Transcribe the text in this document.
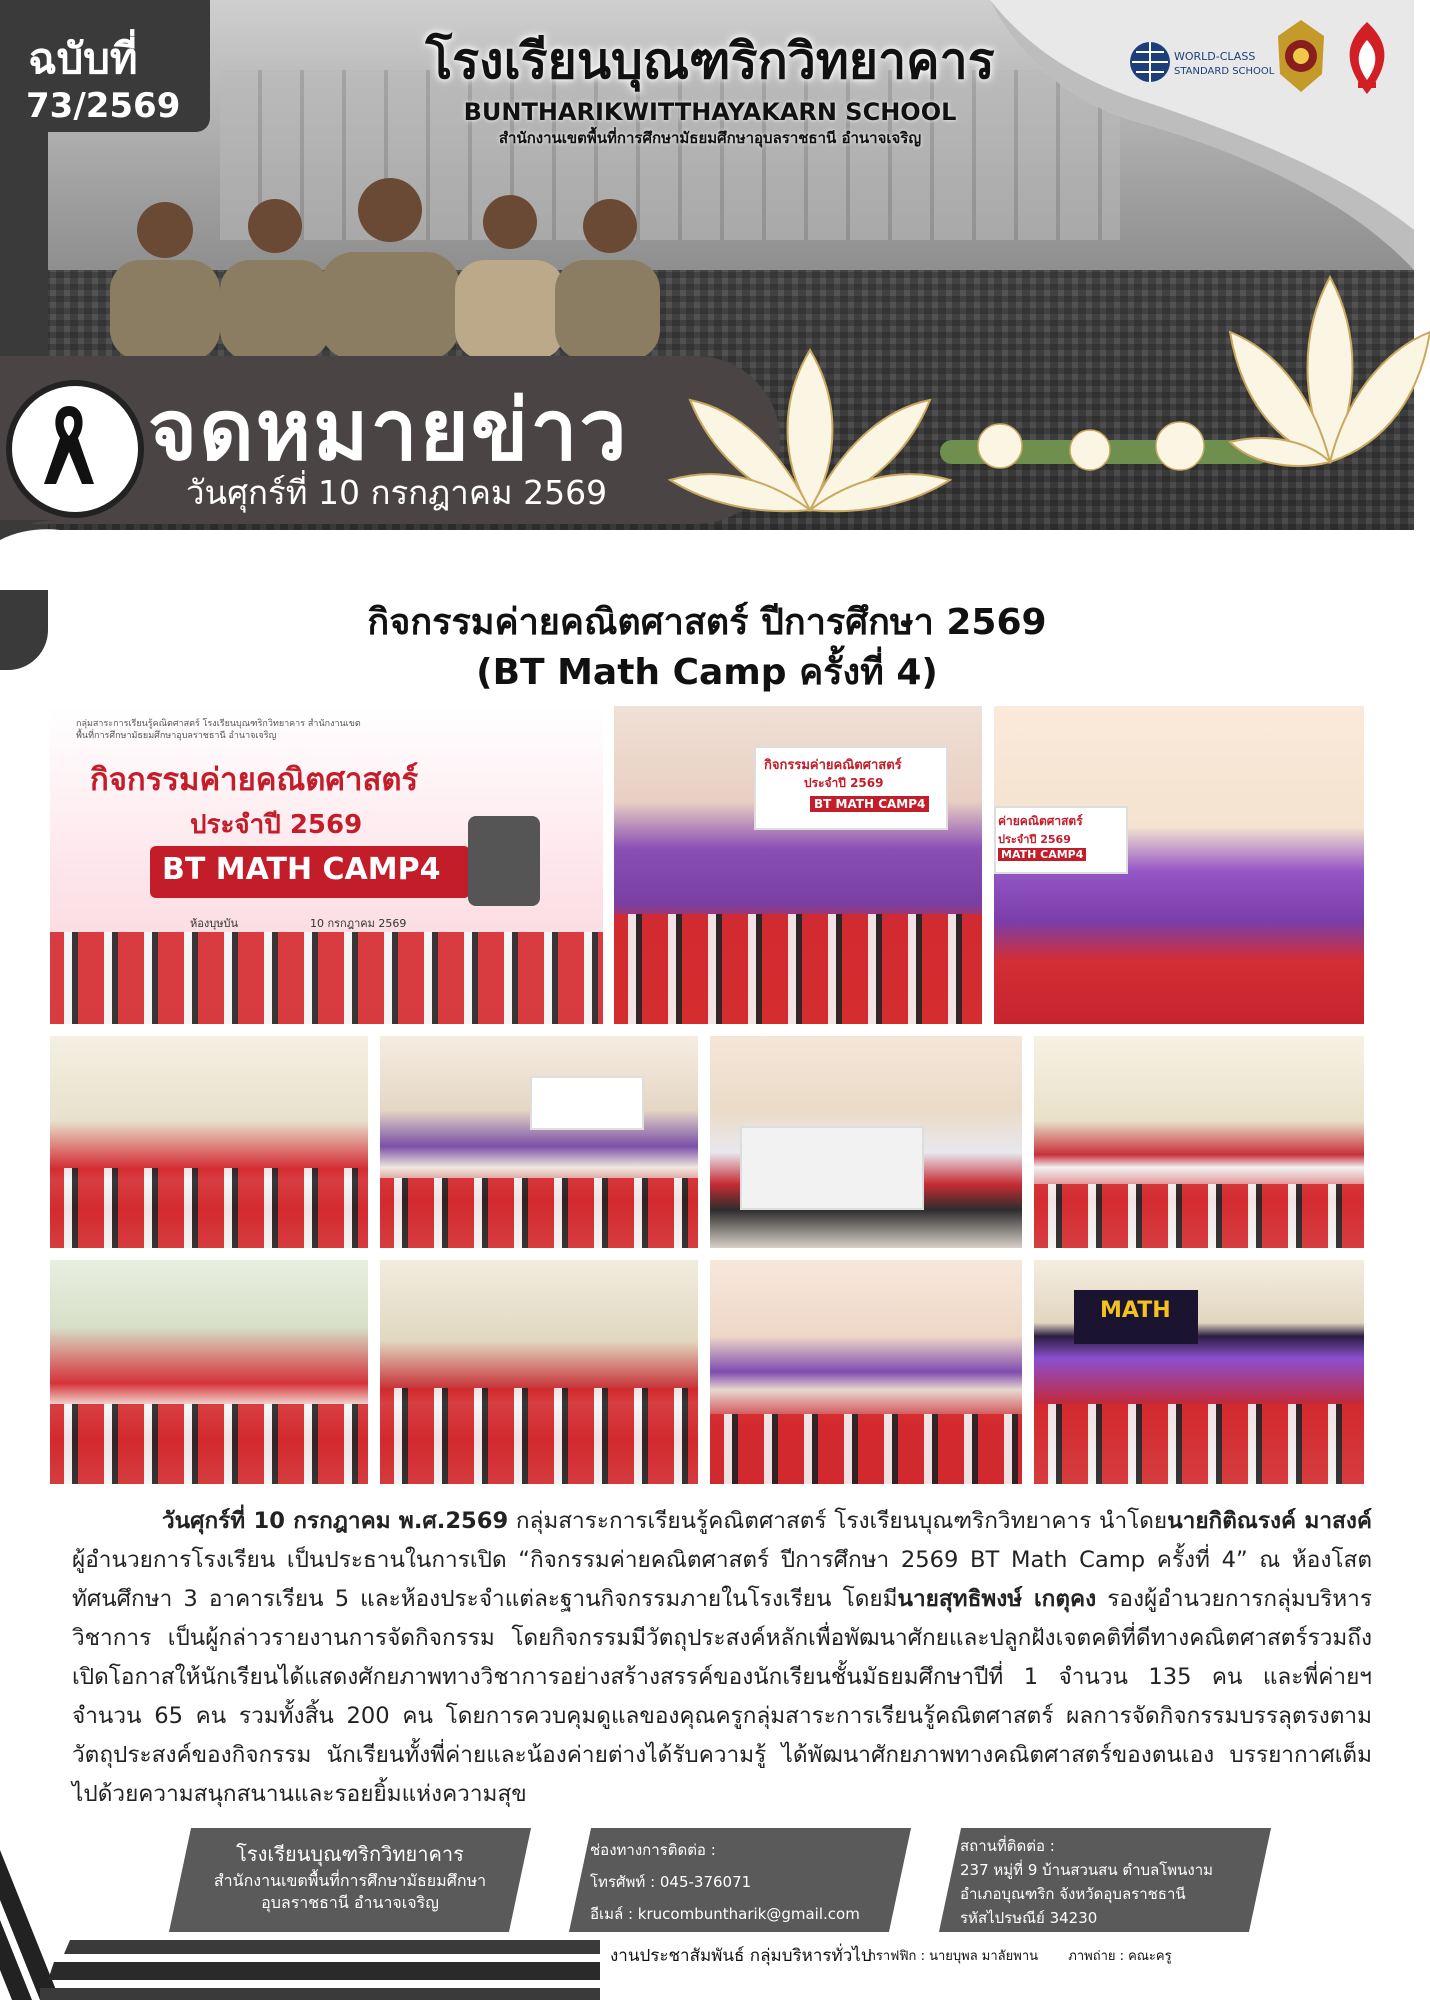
ฉบับที่
73/2569
โรงเรียนบุณฑริกวิทยาคาร
BUNTHARIKWITTHAYAKARN SCHOOL
สำนักงานเขตพื้นที่การศึกษามัธยมศึกษาอุบลราชธานี อำนาจเจริญ
WORLD-CLASS
STANDARD SCHOOL
จดหมายข่าว
วันศุกร์ที่ 10 กรกฎาคม 2569
กิจกรรมค่ายคณิตศาสตร์ ปีการศึกษา 2569
(BT Math Camp ครั้งที่ 4)
กลุ่มสาระการเรียนรู้คณิตศาสตร์ โรงเรียนบุณฑริกวิทยาคาร สำนักงานเขตพื้นที่การศึกษามัธยมศึกษาอุบลราชธานี อำนาจเจริญ
กิจกรรมค่ายคณิตศาสตร์
ประจำปี 2569
BT MATH CAMP4
ห้องบุษบัน	10 กรกฎาคม 2569
กิจกรรมค่ายคณิตศาสตร์
ประจำปี 2569
BT MATH CAMP4
ค่ายคณิตศาสตร์
ประจำปี 2569
MATH CAMP4
MATH
วันศุกร์ที่ 10 กรกฎาคม พ.ศ.2569 กลุ่มสาระการเรียนรู้คณิตศาสตร์ โรงเรียนบุณฑริกวิทยาคาร นำโดยนายกิติณรงค์ มาสงค์ ผู้อำนวยการโรงเรียน เป็นประธานในการเปิด “กิจกรรมค่ายคณิตศาสตร์ ปีการศึกษา 2569 BT Math Camp ครั้งที่ 4” ณ ห้องโสตทัศนศึกษา 3 อาคารเรียน 5 และห้องประจำแต่ละฐานกิจกรรมภายในโรงเรียน โดยมีนายสุทธิพงษ์ เกตุคง รองผู้อำนวยการกลุ่มบริหารวิชาการ เป็นผู้กล่าวรายงานการจัดกิจกรรม โดยกิจกรรมมีวัตถุประสงค์หลักเพื่อพัฒนาศักยและปลูกฝังเจตคติที่ดีทางคณิตศาสตร์รวมถึงเปิดโอกาสให้นักเรียนได้แสดงศักยภาพทางวิชาการอย่างสร้างสรรค์ของนักเรียนชั้นมัธยมศึกษาปีที่ 1 จำนวน 135 คน และพี่ค่ายฯ จำนวน 65 คน รวมทั้งสิ้น 200 คน โดยการควบคุมดูแลของคุณครูกลุ่มสาระการเรียนรู้คณิตศาสตร์ ผลการจัดกิจกรรมบรรลุตรงตามวัตถุประสงค์ของกิจกรรม นักเรียนทั้งพี่ค่ายและน้องค่ายต่างได้รับความรู้ ได้พัฒนาศักยภาพทางคณิตศาสตร์ของตนเอง บรรยากาศเต็มไปด้วยความสนุกสนานและรอยยิ้มแห่งความสุข
โรงเรียนบุณฑริกวิทยาคาร
สำนักงานเขตพื้นที่การศึกษามัธยมศึกษา
อุบลราชธานี อำนาจเจริญ
ช่องทางการติดต่อ :
โทรศัพท์ : 045-376071
อีเมล์ : krucombuntharik@gmail.com
สถานที่ติดต่อ :
237 หมู่ที่ 9 บ้านสวนสน ตำบลโพนงาม
อำเภอบุณฑริก จังหวัดอุบลราชธานี
รหัสไปรษณีย์ 34230
งานประชาสัมพันธ์ กลุ่มบริหารทั่วไป
กราฟฟิก : นายบุพล มาลัยพาน ภาพถ่าย : คณะครู
